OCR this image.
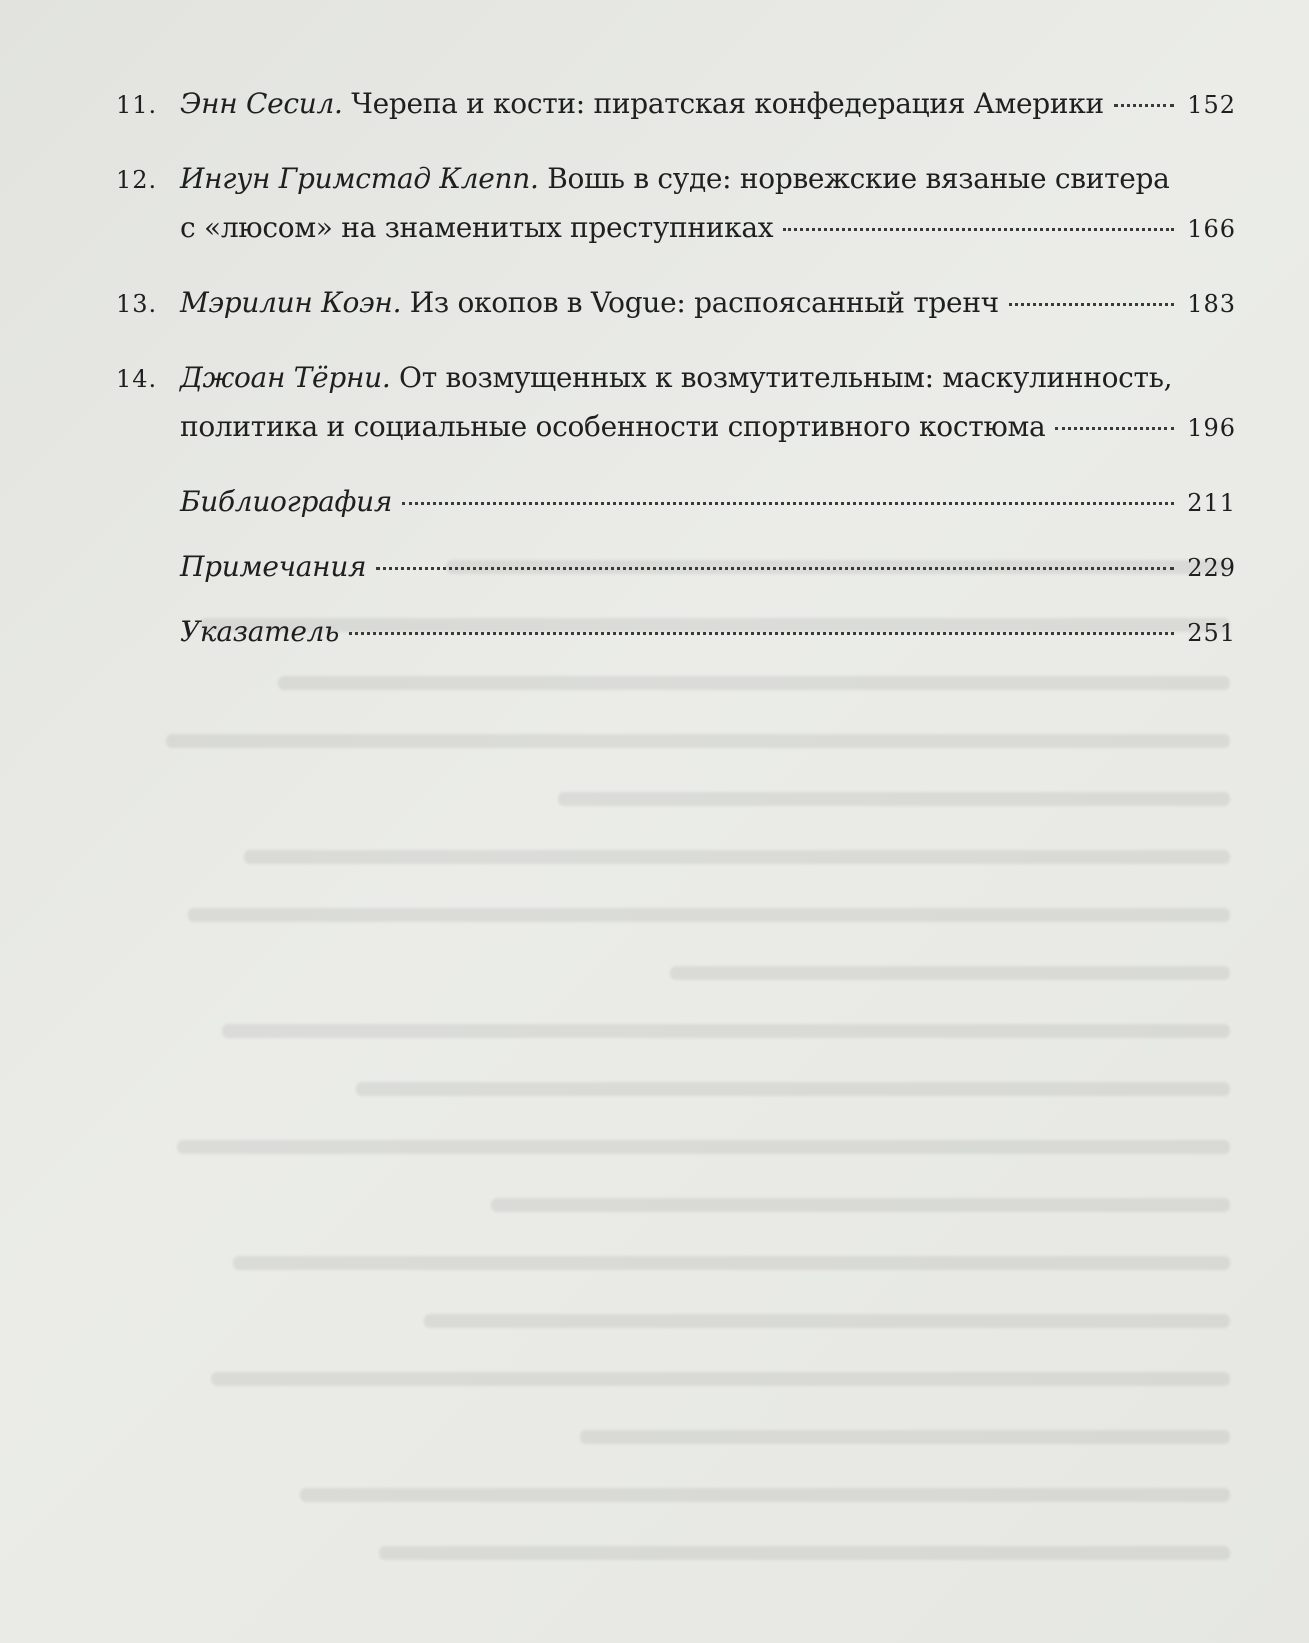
11. Энн Сесил. Черепа и кости: пиратская конфедерация Америки	152
12. Ингун Гримстад Клепп. Вошь в суде: норвежские вязаные свитера
с «люсом» на знаменитых преступниках	166
13. Мэрилин Коэн. Из окопов в Vogue: распоясанный тренч	183
14. Джоан Тёрни. От возмущенных к возмутительным: маскулинность,
политика и социальные особенности спортивного костюма	196
Библиография	211
Примечания	229
Указатель	251
